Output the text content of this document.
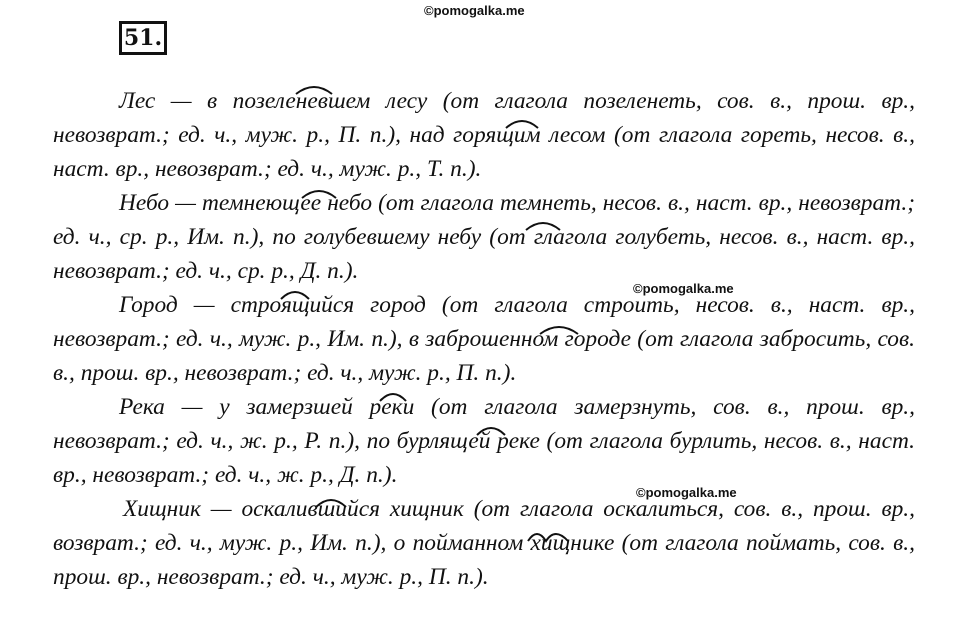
©pomogalka.me
51.

Лес — в позеленевшем лесу (от глагола позеленеть, сов. в., прош. вр., невозврат.; ед. ч., муж. р., П. п.), над горящим лесом (от глагола гореть, несов. в., наст. вр., невозврат.; ед. ч., муж. р., Т. п.).

Небо — темнеющее небо (от глагола темнеть, несов. в., наст. вр., невозврат.; ед. ч., ср. р., Им. п.), по голубевшему небу (от глагола голубеть, несов. в., наст. вр., невозврат.; ед. ч., ср. р., Д. п.).

Город — строящийся город (от глагола строить, несов. в., наст. вр., невозврат.; ед. ч., муж. р., Им. п.), в заброшенном городе (от глагола забросить, сов. в., прош. вр., невозврат.; ед. ч., муж. р., П. п.).

Река — у замерзшей реки (от глагола замерзнуть, сов. в., прош. вр., невозврат.; ед. ч., ж. р., Р. п.), по бурлящей реке (от глагола бурлить, несов. в., наст. вр., невозврат.; ед. ч., ж. р., Д. п.).

Хищник — оскалившийся хищник (от глагола оскалиться, сов. в., прош. вр., возврат.; ед. ч., муж. р., Им. п.), о пойманном хищнике (от глагола поймать, сов. в., прош. вр., невозврат.; ед. ч., муж. р., П. п.).

©pomogalka.me
©pomogalka.me
